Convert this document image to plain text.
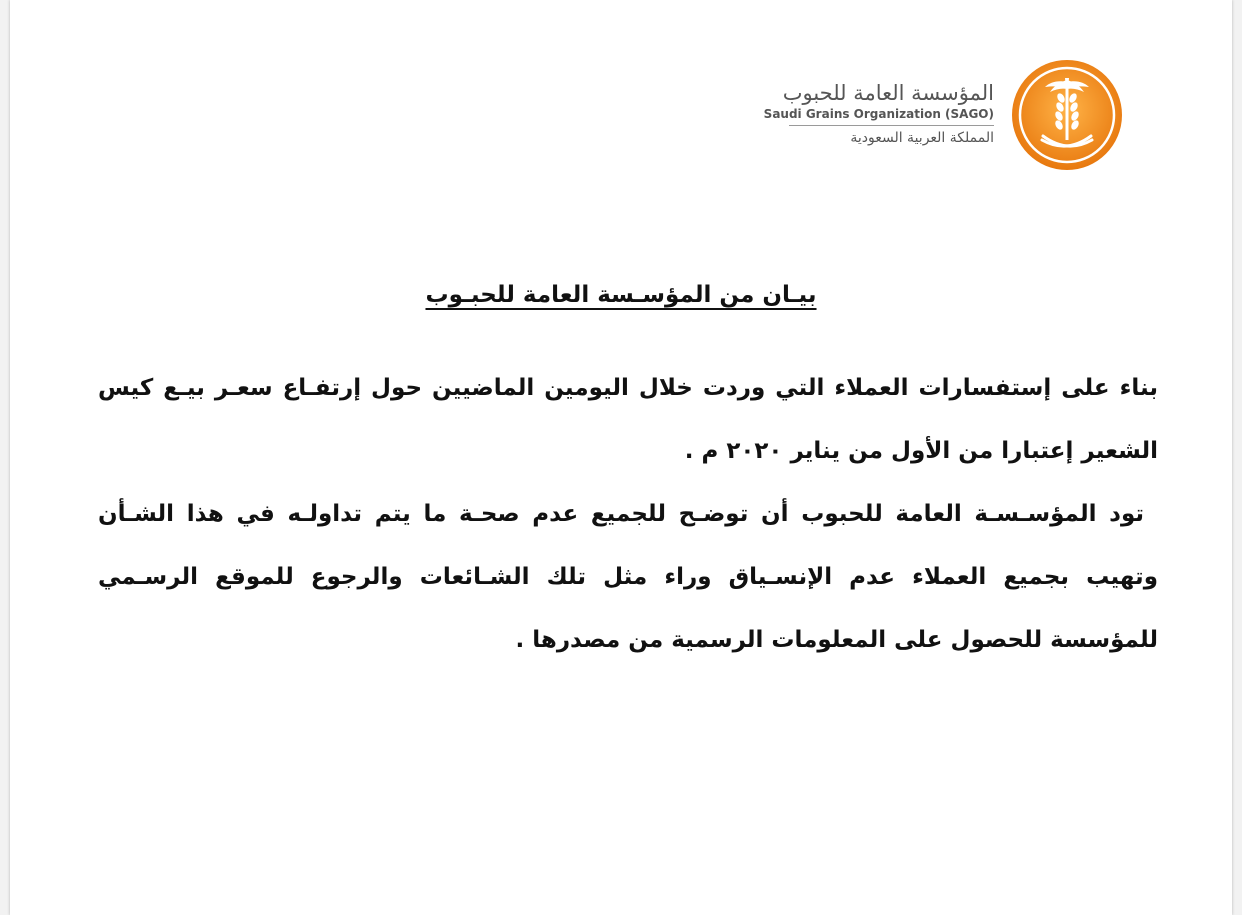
المؤسسة العامة للحبوب
Saudi Grains Organization (SAGO)
المملكة العربية السعودية
بيـان من المؤسـسة العامة للحبـوب

بناء على إستفسارات العملاء التي وردت خلال اليومين الماضيين حول إرتفـاع سعـر بيـع كيس الشعير إعتبارا من الأول من يناير ٢٠٢٠ م .

تود المؤسـسـة العامة للحبوب أن توضـح للجميع عدم صحـة ما يتم تداولـه في هذا الشـأن وتهيب بجميع العملاء عدم الإنسـياق وراء مثل تلك الشـائعات والرجوع للموقع الرسـمي للمؤسسة للحصول على المعلومات الرسمية من مصدرها .
